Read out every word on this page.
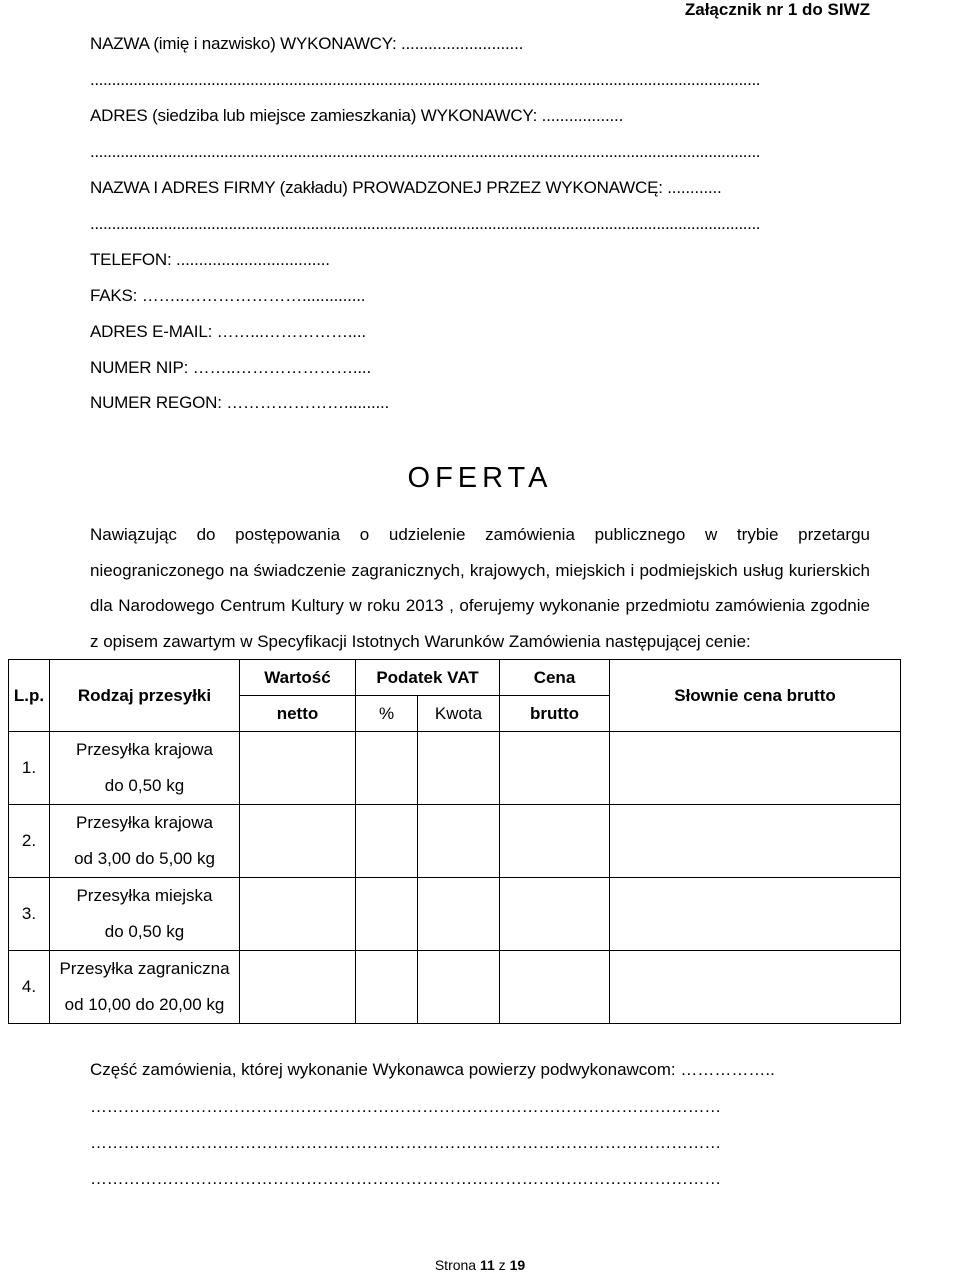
Załącznik nr 1 do SIWZ
NAZWA (imię i nazwisko) WYKONAWCY: ...........................
...........................................................................................................................................................
ADRES (siedziba lub miejsce zamieszkania) WYKONAWCY: ..................
...........................................................................................................................................................
NAZWA I ADRES FIRMY (zakładu) PROWADZONEJ PRZEZ WYKONAWCĘ: ............
...........................................................................................................................................................
TELEFON: ..................................
FAKS: ……..…………………..............
ADRES E-MAIL: ……...……………....
NUMER NIP: ……..…………………....
NUMER REGON: …………………..........
OFERTA

Nawiązując do postępowania o udzielenie zamówienia publicznego w trybie przetargu nieograniczonego na świadczenie zagranicznych, krajowych, miejskich i podmiejskich usług kurierskich dla Narodowego Centrum Kultury w roku 2013 , oferujemy wykonanie przedmiotu zamówienia zgodnie z opisem zawartym w Specyfikacji Istotnych Warunków Zamówienia następującej cenie:

L.p.	Rodzaj przesyłki	Wartość	Podatek VAT		Cena	Słownie cena brutto
		netto	%	Kwota	brutto	
1.	Przesyłka krajowa
do 0,50 kg					

2.	Przesyłka krajowa
od 3,00 do 5,00 kg					

3.	Przesyłka miejska
do 0,50 kg					

4.	Przesyłka zagraniczna
od 10,00 do 20,00 kg					

Część zamówienia, której wykonanie Wykonawca powierzy podwykonawcom: ……………..
……………………………………………………………………………………………………
……………………………………………………………………………………………………
……………………………………………………………………………………………………
Strona 11 z 19
